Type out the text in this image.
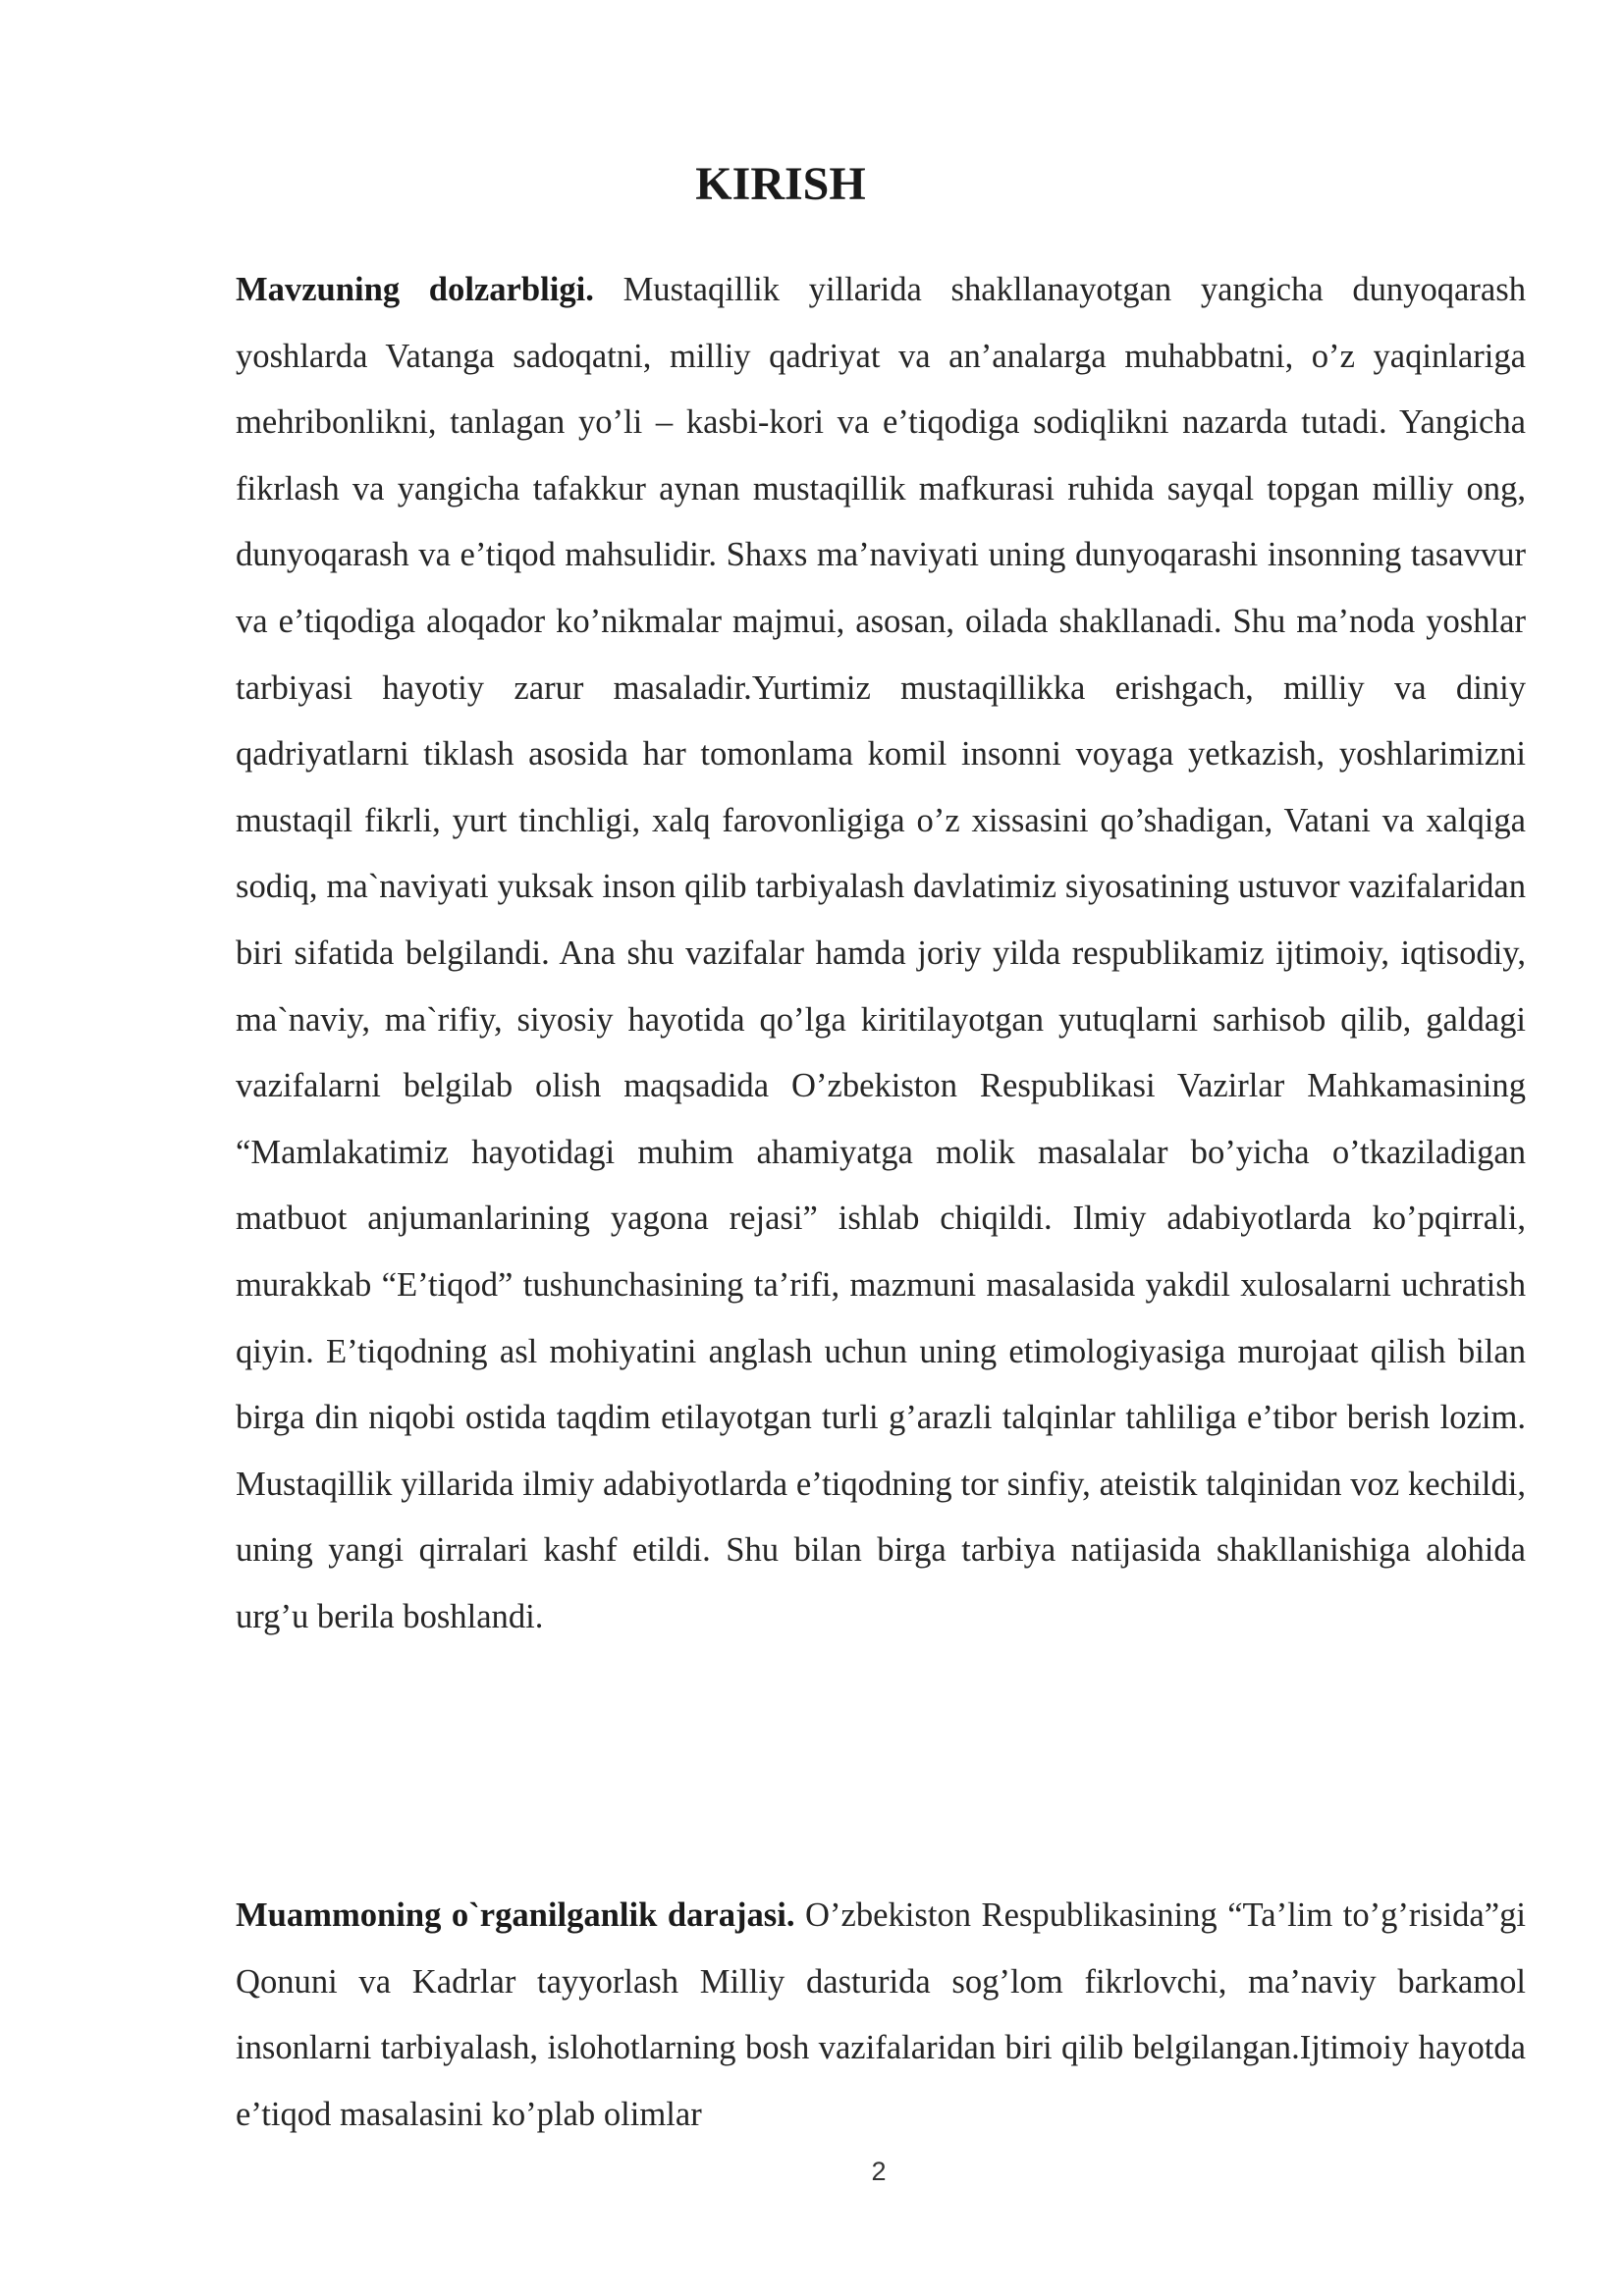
KIRISH

Mavzuning dolzarbligi. Mustaqillik yillarida shakllanayotgan yangicha dunyoqarash yoshlarda Vatanga sadoqatni, milliy qadriyat va an’analarga muhabbatni, o’z yaqinlariga mehribonlikni, tanlagan yo’li – kasbi-kori va e’tiqodiga sodiqlikni nazarda tutadi. Yangicha fikrlash va yangicha tafakkur aynan mustaqillik mafkurasi ruhida sayqal topgan milliy ong, dunyoqarash va e’tiqod mahsulidir. Shaxs ma’naviyati uning dunyoqarashi insonning tasavvur va e’tiqodiga aloqador ko’nikmalar majmui, asosan, oilada shakllanadi. Shu ma’noda yoshlar tarbiyasi hayotiy zarur masaladir.Yurtimiz mustaqillikka erishgach, milliy va diniy qadriyatlarni tiklash asosida har tomonlama komil insonni voyaga yetkazish, yoshlarimizni mustaqil fikrli, yurt tinchligi, xalq farovonligiga o’z xissasini qo’shadigan, Vatani va xalqiga sodiq, ma`naviyati yuksak inson qilib tarbiyalash davlatimiz siyosatining ustuvor vazifalaridan biri sifatida belgilandi. Ana shu vazifalar hamda joriy yilda respublikamiz ijtimoiy, iqtisodiy, ma`naviy, ma`rifiy, siyosiy hayotida qo’lga kiritilayotgan yutuqlarni sarhisob qilib, galdagi vazifalarni belgilab olish maqsadida O’zbekiston Respublikasi Vazirlar Mahkamasining “Mamlakatimiz hayotidagi muhim ahamiyatga molik masalalar bo’yicha o’tkaziladigan matbuot anjumanlarining yagona rejasi” ishlab chiqildi. Ilmiy adabiyotlarda ko’pqirrali, murakkab “E’tiqod” tushunchasining ta’rifi, mazmuni masalasida yakdil xulosalarni uchratish qiyin. E’tiqodning asl mohiyatini anglash uchun uning etimologiyasiga murojaat qilish bilan birga din niqobi ostida taqdim etilayotgan turli g’arazli talqinlar tahliliga e’tibor berish lozim. Mustaqillik yillarida ilmiy adabiyotlarda e’tiqodning tor sinfiy, ateistik talqinidan voz kechildi, uning yangi qirralari kashf etildi. Shu bilan birga tarbiya natijasida shakllanishiga alohida urg’u berila boshlandi.

Muammoning o`rganilganlik darajasi. O’zbekiston Respublikasining “Ta’lim to’g’risida”gi Qonuni va Kadrlar tayyorlash Milliy dasturida sog’lom fikrlovchi, ma’naviy barkamol insonlarni tarbiyalash, islohotlarning bosh vazifalaridan biri qilib belgilangan.Ijtimoiy hayotda e’tiqod masalasini ko’plab olimlar

2
